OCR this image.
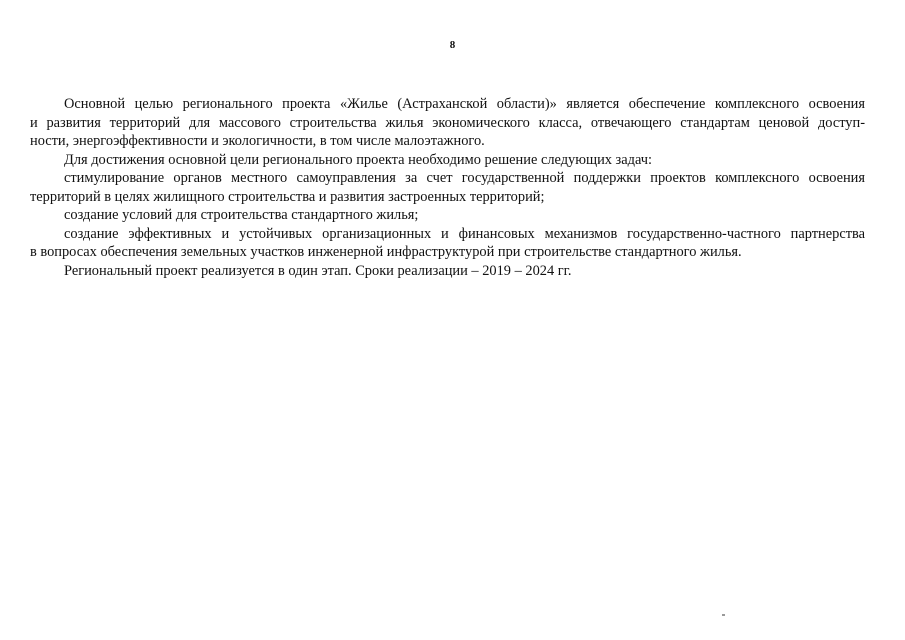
8
Основной целью регионального проекта «Жилье (Астраханской области)» является обеспечение комплексного освоения
и развития территорий для массового строительства жилья экономического класса, отвечающего стандартам ценовой доступ-
ности, энергоэффективности и экологичности, в том числе малоэтажного.
Для достижения основной цели регионального проекта необходимо решение следующих задач:
стимулирование органов местного самоуправления за счет государственной поддержки проектов комплексного освоения
территорий в целях жилищного строительства и развития застроенных территорий;
создание условий для строительства стандартного жилья;
создание эффективных и устойчивых организационных и финансовых механизмов государственно-частного партнерства
в вопросах обеспечения земельных участков инженерной инфраструктурой при строительстве стандартного жилья.
Региональный проект реализуется в один этап. Сроки реализации – 2019 – 2024 гг.
